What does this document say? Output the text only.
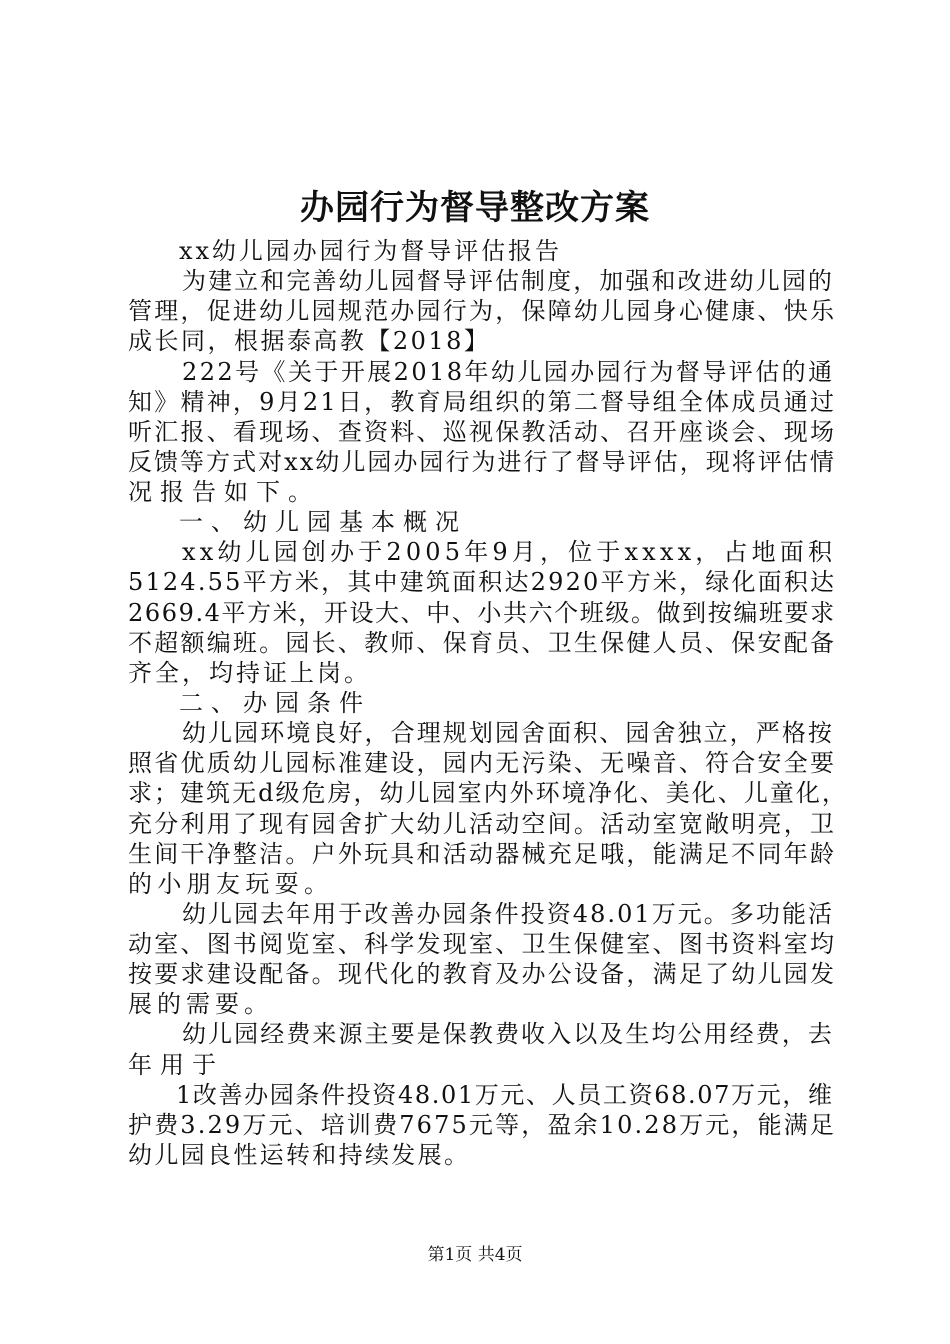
办园行为督导整改方案
xx幼儿园办园行为督导评估报告
为建立和完善幼儿园督导评估制度，加强和改进幼儿园的
管理，促进幼儿园规范办园行为，保障幼儿园身心健康、快乐
成长同，根据泰高教【2018】
222号《关于开展2018年幼儿园办园行为督导评估的通
知》精神，9月21日，教育局组织的第二督导组全体成员通过
听汇报、看现场、查资料、巡视保教活动、召开座谈会、现场
反馈等方式对xx幼儿园办园行为进行了督导评估，现将评估情
况报告如下。
一、幼儿园基本概况
xx幼儿园创办于2005年9月，位于xxxx，占地面积
5124.55平方米，其中建筑面积达2920平方米，绿化面积达
2669.4平方米，开设大、中、小共六个班级。做到按编班要求
不超额编班。园长、教师、保育员、卫生保健人员、保安配备
齐全，均持证上岗。
二、办园条件
幼儿园环境良好，合理规划园舍面积、园舍独立，严格按
照省优质幼儿园标准建设，园内无污染、无噪音、符合安全要
求；建筑无d级危房，幼儿园室内外环境净化、美化、儿童化，
充分利用了现有园舍扩大幼儿活动空间。活动室宽敞明亮，卫
生间干净整洁。户外玩具和活动器械充足哦，能满足不同年龄
的小朋友玩耍。
幼儿园去年用于改善办园条件投资48.01万元。多功能活
动室、图书阅览室、科学发现室、卫生保健室、图书资料室均
按要求建设配备。现代化的教育及办公设备，满足了幼儿园发
展的需要。
幼儿园经费来源主要是保教费收入以及生均公用经费，去
年用于
1改善办园条件投资48.01万元、人员工资68.07万元，维
护费3.29万元、培训费7675元等，盈余10.28万元，能满足
幼儿园良性运转和持续发展。
第1页 共4页
